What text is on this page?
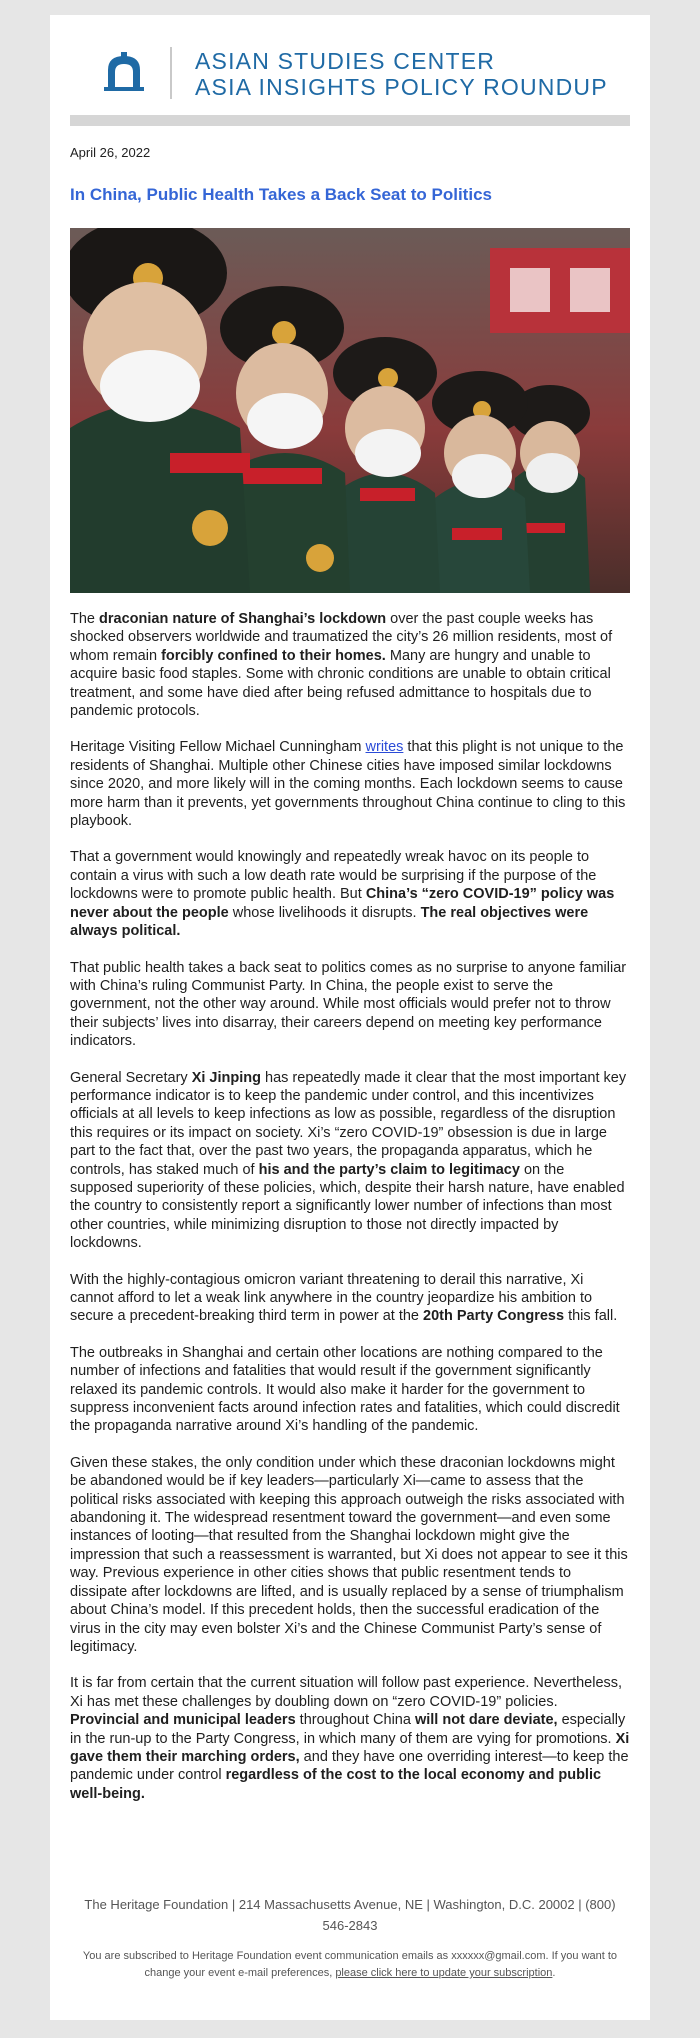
ASIAN STUDIES CENTER
ASIA INSIGHTS POLICY ROUNDUP
April 26, 2022
In China, Public Health Takes a Back Seat to Politics

The draconian nature of Shanghai’s lockdown over the past couple weeks has shocked observers worldwide and traumatized the city’s 26 million residents, most of whom remain forcibly confined to their homes. Many are hungry and unable to acquire basic food staples. Some with chronic conditions are unable to obtain critical treatment, and some have died after being refused admittance to hospitals due to pandemic protocols.

Heritage Visiting Fellow Michael Cunningham writes that this plight is not unique to the residents of Shanghai. Multiple other Chinese cities have imposed similar lockdowns since 2020, and more likely will in the coming months. Each lockdown seems to cause more harm than it prevents, yet governments throughout China continue to cling to this playbook.

That a government would knowingly and repeatedly wreak havoc on its people to contain a virus with such a low death rate would be surprising if the purpose of the lockdowns were to promote public health. But China’s “zero COVID-19” policy was never about the people whose livelihoods it disrupts. The real objectives were always political.

That public health takes a back seat to politics comes as no surprise to anyone familiar with China’s ruling Communist Party. In China, the people exist to serve the government, not the other way around. While most officials would prefer not to throw their subjects’ lives into disarray, their careers depend on meeting key performance indicators.

General Secretary Xi Jinping has repeatedly made it clear that the most important key performance indicator is to keep the pandemic under control, and this incentivizes officials at all levels to keep infections as low as possible, regardless of the disruption this requires or its impact on society. Xi’s “zero COVID-19” obsession is due in large part to the fact that, over the past two years, the propaganda apparatus, which he controls, has staked much of his and the party’s claim to legitimacy on the supposed superiority of these policies, which, despite their harsh nature, have enabled the country to consistently report a significantly lower number of infections than most other countries, while minimizing disruption to those not directly impacted by lockdowns.

With the highly-contagious omicron variant threatening to derail this narrative, Xi cannot afford to let a weak link anywhere in the country jeopardize his ambition to secure a precedent-breaking third term in power at the 20th Party Congress this fall.

The outbreaks in Shanghai and certain other locations are nothing compared to the number of infections and fatalities that would result if the government significantly relaxed its pandemic controls. It would also make it harder for the government to suppress inconvenient facts around infection rates and fatalities, which could discredit the propaganda narrative around Xi’s handling of the pandemic.

Given these stakes, the only condition under which these draconian lockdowns might be abandoned would be if key leaders—particularly Xi—came to assess that the political risks associated with keeping this approach outweigh the risks associated with abandoning it. The widespread resentment toward the government—and even some instances of looting—that resulted from the Shanghai lockdown might give the impression that such a reassessment is warranted, but Xi does not appear to see it this way. Previous experience in other cities shows that public resentment tends to dissipate after lockdowns are lifted, and is usually replaced by a sense of triumphalism about China’s model. If this precedent holds, then the successful eradication of the virus in the city may even bolster Xi’s and the Chinese Communist Party’s sense of legitimacy.

It is far from certain that the current situation will follow past experience. Nevertheless, Xi has met these challenges by doubling down on “zero COVID-19” policies. Provincial and municipal leaders throughout China will not dare deviate, especially in the run-up to the Party Congress, in which many of them are vying for promotions. Xi gave them their marching orders, and they have one overriding interest—to keep the pandemic under control regardless of the cost to the local economy and public well-being.

The Heritage Foundation | 214 Massachusetts Avenue, NE | Washington, D.C. 20002 | (800) 546-2843
You are subscribed to Heritage Foundation event communication emails as xxxxxx@gmail.com. If you want to change your event e-mail preferences, please click here to update your subscription.
